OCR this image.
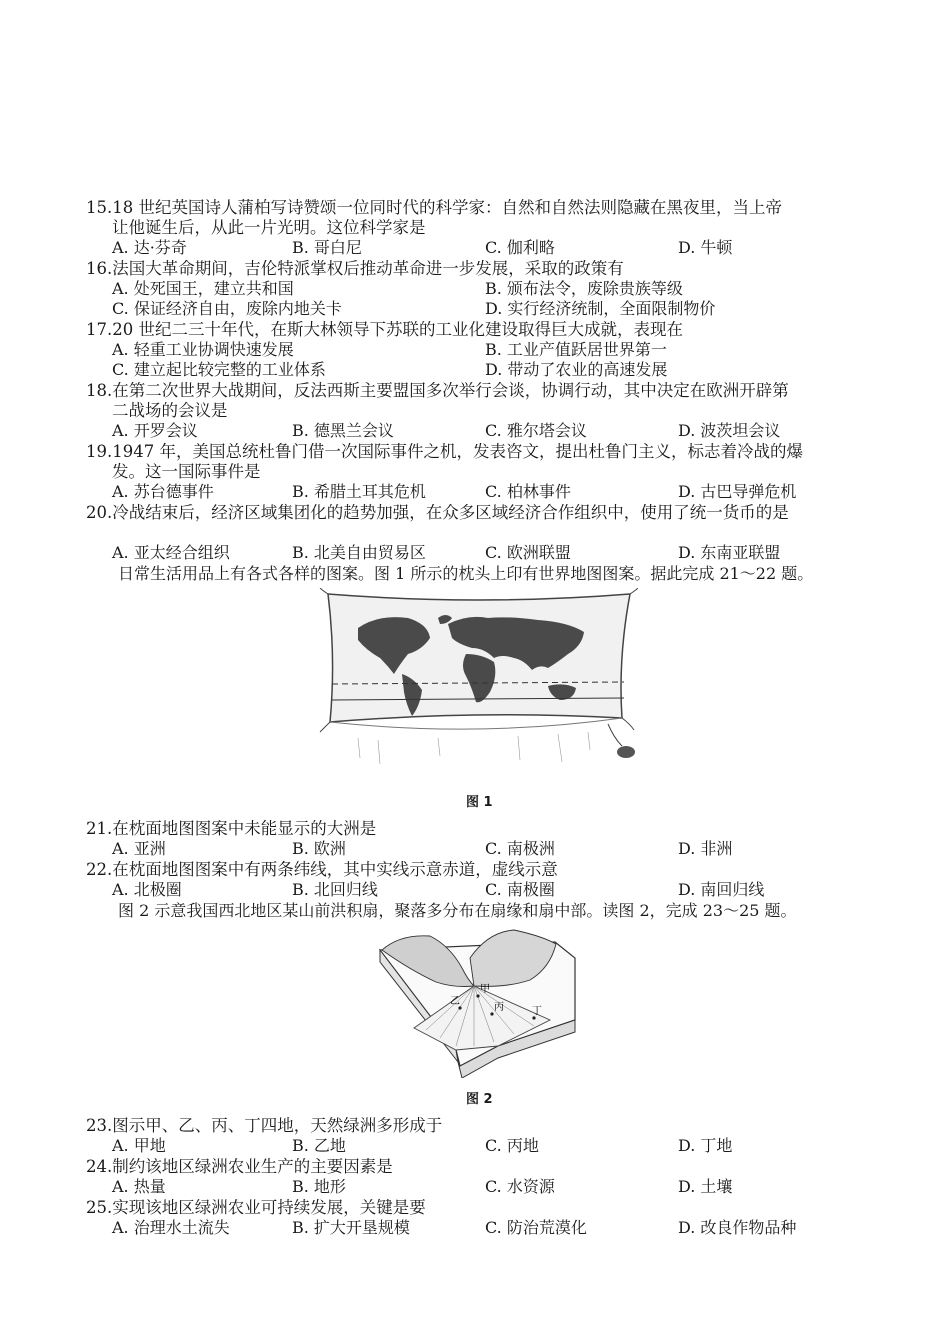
15.18 世纪英国诗人蒲柏写诗赞颂一位同时代的科学家：自然和自然法则隐藏在黑夜里，当上帝
让他诞生后，从此一片光明。这位科学家是
A. 达·芬奇	B. 哥白尼	C. 伽利略	D. 牛顿
16.法国大革命期间，吉伦特派掌权后推动革命进一步发展，采取的政策有
A. 处死国王，建立共和国	B. 颁布法令，废除贵族等级
C. 保证经济自由，废除内地关卡	D. 实行经济统制，全面限制物价
17.20 世纪二三十年代，在斯大林领导下苏联的工业化建设取得巨大成就，表现在
A. 轻重工业协调快速发展	B. 工业产值跃居世界第一
C. 建立起比较完整的工业体系	D. 带动了农业的高速发展
18.在第二次世界大战期间，反法西斯主要盟国多次举行会谈，协调行动，其中决定在欧洲开辟第
二战场的会议是
A. 开罗会议	B. 德黑兰会议	C. 雅尔塔会议	D. 波茨坦会议
19.1947 年，美国总统杜鲁门借一次国际事件之机，发表咨文，提出杜鲁门主义，标志着冷战的爆
发。这一国际事件是
A. 苏台德事件	B. 希腊土耳其危机	C. 柏林事件	D. 古巴导弹危机
20.冷战结束后，经济区域集团化的趋势加强，在众多区域经济合作组织中，使用了统一货币的是
A. 亚太经合组织	B. 北美自由贸易区	C. 欧洲联盟	D. 东南亚联盟
日常生活用品上有各式各样的图案。图 1 所示的枕头上印有世界地图图案。据此完成 21～22 题。
图 1
21.在枕面地图图案中未能显示的大洲是
A. 亚洲	B. 欧洲	C. 南极洲	D. 非洲
22.在枕面地图图案中有两条纬线，其中实线示意赤道，虚线示意
A. 北极圈	B. 北回归线	C. 南极圈	D. 南回归线
图 2 示意我国西北地区某山前洪积扇，聚落多分布在扇缘和扇中部。读图 2，完成 23～25 题。
甲
乙
丙	丁
图 2
23.图示甲、乙、丙、丁四地，天然绿洲多形成于
A. 甲地	B. 乙地	C. 丙地	D. 丁地
24.制约该地区绿洲农业生产的主要因素是
A. 热量	B. 地形	C. 水资源	D. 土壤
25.实现该地区绿洲农业可持续发展，关键是要
A. 治理水土流失	B. 扩大开垦规模	C. 防治荒漠化	D. 改良作物品种
